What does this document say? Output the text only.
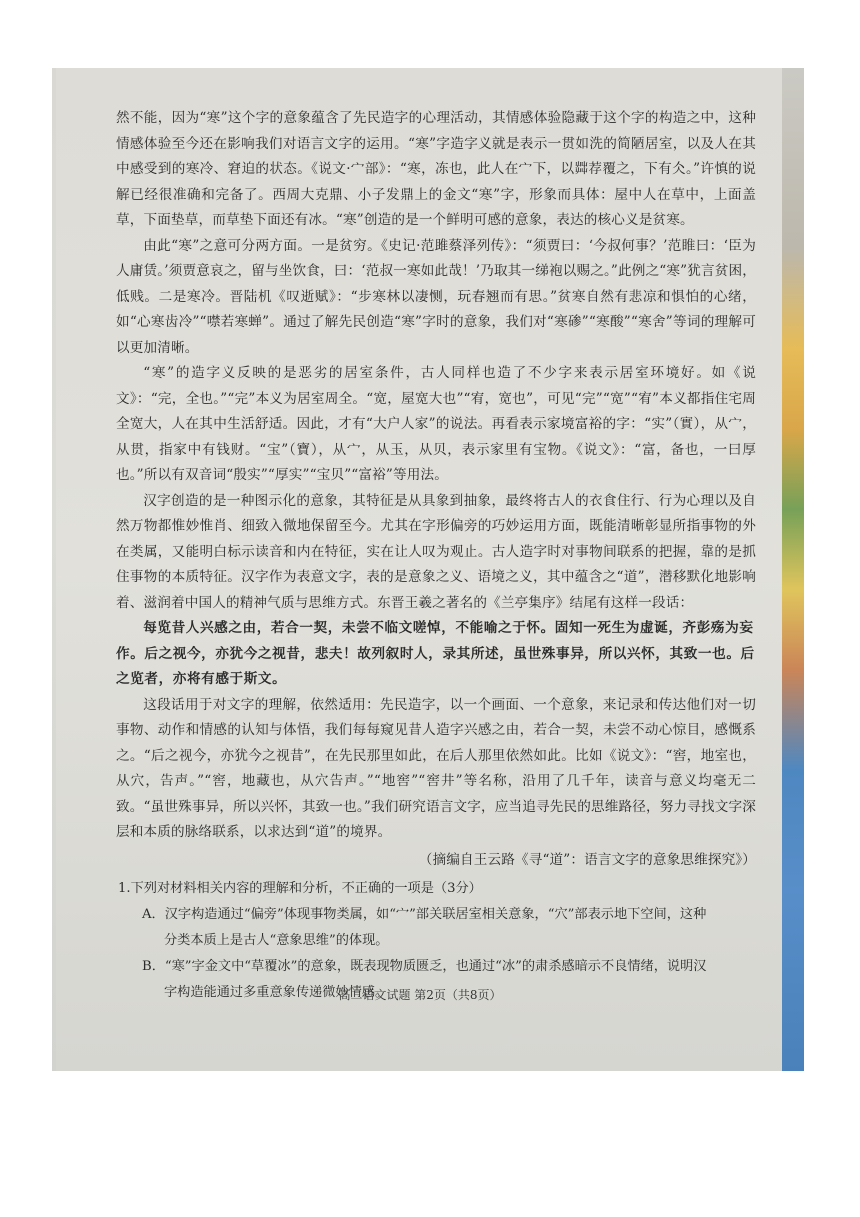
然不能，因为“寒”这个字的意象蕴含了先民造字的心理活动，其情感体验隐藏于这个字的构造之中，这种情感体验至今还在影响我们对语言文字的运用。“寒”字造字义就是表示一贯如洗的简陋居室，以及人在其中感受到的寒冷、窘迫的状态。《说文·宀部》：“寒，冻也，此人在宀下，以茻荐覆之，下有仌。”许慎的说解已经很准确和完备了。西周大克鼎、小子发鼎上的金文“寒”字，形象而具体：屋中人在草中，上面盖草，下面垫草，而草垫下面还有冰。“寒”创造的是一个鲜明可感的意象，表达的核心义是贫寒。

由此“寒”之意可分两方面。一是贫穷。《史记·范雎蔡泽列传》：“须贾曰：‘今叔何事？’范睢曰：‘臣为人庸赁。’须贾意哀之，留与坐饮食，曰：‘范叔一寒如此哉！’乃取其一绨袍以赐之。”此例之“寒”犹言贫困，低贱。二是寒冷。晋陆机《叹逝赋》：“步寒林以凄恻，玩春翘而有思。”贫寒自然有悲凉和惧怕的心绪，如“心寒齿冷”“噤若寒蝉”。通过了解先民创造“寒”字时的意象，我们对“寒碜”“寒酸”“寒舍”等词的理解可以更加清晰。

“寒”的造字义反映的是恶劣的居室条件，古人同样也造了不少字来表示居室环境好。如《说文》：“完，全也。”“完”本义为居室周全。“宽，屋宽大也”“宥，宽也”，可见“完”“宽”“宥”本义都指住宅周全宽大，人在其中生活舒适。因此，才有“大户人家”的说法。再看表示家境富裕的字：“实”（實），从宀，从贯，指家中有钱财。“宝”（寶），从宀，从玉，从贝，表示家里有宝物。《说文》：“富，备也，一曰厚也。”所以有双音词“殷实”“厚实”“宝贝”“富裕”等用法。

汉字创造的是一种图示化的意象，其特征是从具象到抽象，最终将古人的衣食住行、行为心理以及自然万物都惟妙惟肖、细致入微地保留至今。尤其在字形偏旁的巧妙运用方面，既能清晰彰显所指事物的外在类属，又能明白标示读音和内在特征，实在让人叹为观止。古人造字时对事物间联系的把握，靠的是抓住事物的本质特征。汉字作为表意文字，表的是意象之义、语境之义，其中蕴含之“道”，潜移默化地影响着、滋润着中国人的精神气质与思维方式。东晋王羲之著名的《兰亭集序》结尾有这样一段话：

每览昔人兴感之由，若合一契，未尝不临文嗟悼，不能喻之于怀。固知一死生为虚诞，齐彭殇为妄作。后之视今，亦犹今之视昔，悲夫！故列叙时人，录其所述，虽世殊事异，所以兴怀，其致一也。后之览者，亦将有感于斯文。

这段话用于对文字的理解，依然适用：先民造字，以一个画面、一个意象，来记录和传达他们对一切事物、动作和情感的认知与体悟，我们每每窥见昔人造字兴感之由，若合一契，未尝不动心惊目，感慨系之。“后之视今，亦犹今之视昔”，在先民那里如此，在后人那里依然如此。比如《说文》：“窖，地室也，从穴，告声。”“窖，地藏也，从穴告声。”“地窖”“窖井”等名称，沿用了几千年，读音与意义均毫无二致。“虽世殊事异，所以兴怀，其致一也。”我们研究语言文字，应当追寻先民的思维路径，努力寻找文字深层和本质的脉络联系，以求达到“道”的境界。

（摘编自王云路《寻“道”：语言文字的意象思维探究》）

1.下列对材料相关内容的理解和分析，不正确的一项是（3分）

A．汉字构造通过“偏旁”体现事物类属，如“宀”部关联居室相关意象，“穴”部表示地下空间，这种

分类本质上是古人“意象思维”的体现。

B．“寒”字金文中“草覆冰”的意象，既表现物质匮乏，也通过“冰”的肃杀感暗示不良情绪，说明汉

字构造能通过多重意象传递微妙情感。

高二语文试题 第2页（共8页）
